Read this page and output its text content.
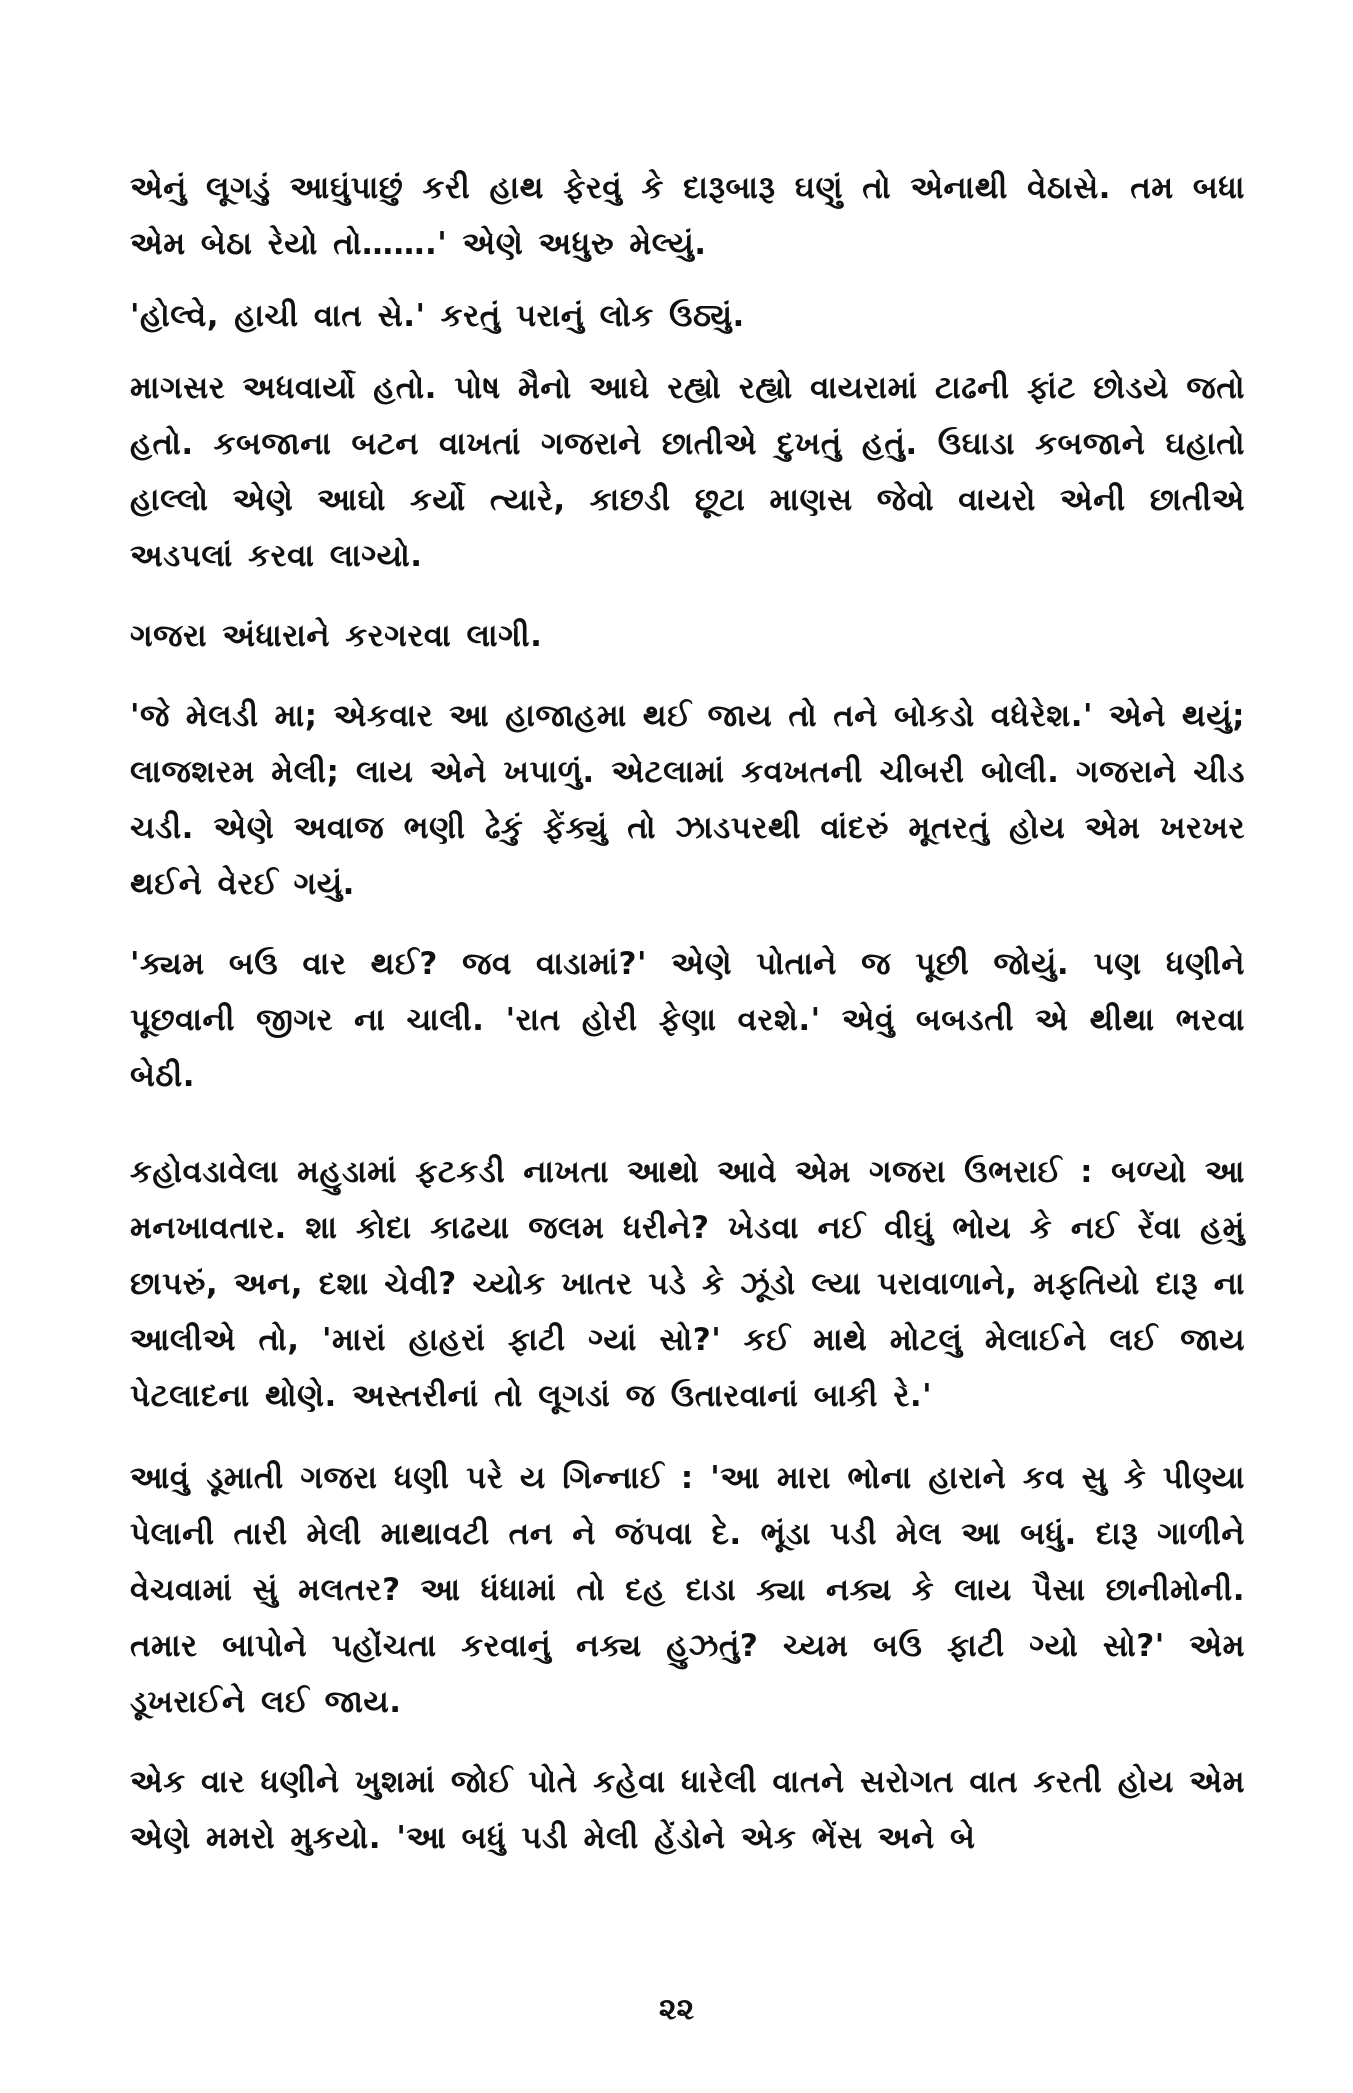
એનું લૂગડું આઘુંપાછું કરી હાથ ફેરવું કે દારૂબારૂ ઘણું તો એનાથી વેઠાસે. તમ બધા એમ બેઠા રેયો તો…….' એણે અધુરુ મેલ્યું.

'હોલ્વે, હાચી વાત સે.' કરતું પરાનું લોક ઉઠ્યું.

માગસર અધવાર્યો હતો. પોષ મૈનો આઘે રહ્યો રહ્યો વાયરામાં ટાઢની ફાંટ છોડયે જતો હતો. કબજાના બટન વાખતાં ગજરાને છાતીએ દુખતું હતું. ઉઘાડા કબજાને ઘહાતો હાલ્લો એણે આઘો કર્યો ત્યારે, કાછડી છૂટા માણસ જેવો વાયરો એની છાતીએ અડપલાં કરવા લાગ્યો.

ગજરા અંધારાને કરગરવા લાગી.

'જે મેલડી મા; એકવાર આ હાજાહમા થઈ જાય તો તને બોકડો વધેરેશ.' એને થયું; લાજશરમ મેલી; લાય એને ખપાળું. એટલામાં કવખતની ચીબરી બોલી. ગજરાને ચીડ ચડી. એણે અવાજ ભણી ઢેકું ફેંક્યું તો ઝાડપરથી વાંદરું મૂતરતું હોય એમ ખરખર થઈને વેરઈ ગયું.

'ક્યમ બઉ વાર થઈ? જવ વાડામાં?' એણે પોતાને જ પૂછી જોયું. પણ ધણીને પૂછવાની જીગર ના ચાલી. 'રાત હોરી ફેણા વરશે.' એવું બબડતી એ થીથા ભરવા બેઠી.

કહોવડાવેલા મહુડામાં ફટકડી નાખતા આથો આવે એમ ગજરા ઉભરાઈ : બળ્યો આ મનખાવતાર. શા કોદા કાઢયા જલમ ધરીને? ખેડવા નઈ વીઘું ભોય કે નઈ રેંવા હમું છાપરું, અન, દશા ચેવી? ચ્યોક ખાતર પડે કે ઝૂંડો લ્યા પરાવાળાને, મફતિયો દારૂ ના આલીએ તો, 'મારાં હાહરાં ફાટી ગ્યાં સો?' કઈ માથે મોટલું મેલાઈને લઈ જાય પેટલાદના થોણે. અસ્તરીનાં તો લૂગડાં જ ઉતારવાનાં બાકી રે.'

આવું ડૂમાતી ગજરા ધણી પરે ય ગિન્નાઈ : 'આ મારા ભોના હારાને કવ સુ કે પીણ્યા પેલાની તારી મેલી માથાવટી તન ને જંપવા દે. ભૂંડા પડી મેલ આ બધું. દારૂ ગાળીને વેચવામાં સું મલતર? આ ધંધામાં તો દહ દાડા ક્યા નક્ય કે લાય પૈસા છાનીમોની. તમાર બાપોને પહોંચતા કરવાનું નક્ય હુઝતું? ચ્યમ બઉ ફાટી ગ્યો સો?' એમ ડૂખરાઈને લઈ જાય.

એક વાર ધણીને ખુશમાં જોઈ પોતે કહેવા ધારેલી વાતને સરોગત વાત કરતી હોય એમ એણે મમરો મુકયો. 'આ બધું પડી મેલી હેંડોને એક ભેંસ અને બે

૨૨
